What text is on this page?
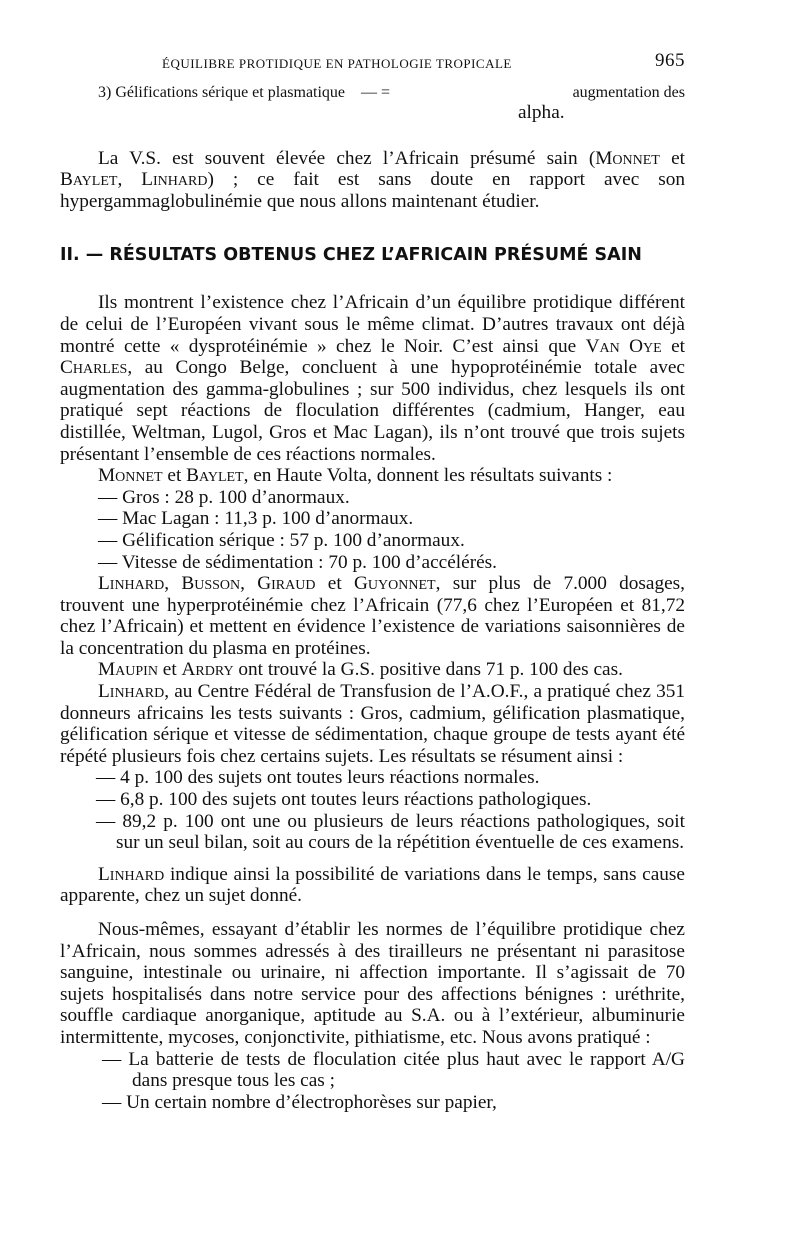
ÉQUILIBRE PROTIDIQUE EN PATHOLOGIE TROPICALE	965
3) Gélifications sérique et plasmatique
— =	augmentation des
alpha.

La V.S. est souvent élevée chez l’Africain présumé sain (Monnet et Baylet, Linhard) ; ce fait est sans doute en rapport avec son hypergammaglobulinémie que nous allons maintenant étudier.

II. — RÉSULTATS OBTENUS CHEZ L’AFRICAIN PRÉSUMÉ SAIN

Ils montrent l’existence chez l’Africain d’un équilibre protidique différent de celui de l’Européen vivant sous le même climat. D’autres travaux ont déjà montré cette « dysprotéinémie » chez le Noir. C’est ainsi que Van Oye et Charles, au Congo Belge, concluent à une hypoprotéinémie totale avec augmentation des gamma-globulines ; sur 500 individus, chez lesquels ils ont pratiqué sept réactions de floculation différentes (cadmium, Hanger, eau distillée, Weltman, Lugol, Gros et Mac Lagan), ils n’ont trouvé que trois sujets présentant l’ensemble de ces réactions normales.

Monnet et Baylet, en Haute Volta, donnent les résultats suivants :

— Gros : 28 p. 100 d’anormaux.
— Mac Lagan : 11,3 p. 100 d’anormaux.
— Gélification sérique : 57 p. 100 d’anormaux.
— Vitesse de sédimentation : 70 p. 100 d’accélérés.

Linhard, Busson, Giraud et Guyonnet, sur plus de 7.000 dosages, trouvent une hyperprotéinémie chez l’Africain (77,6 chez l’Européen et 81,72 chez l’Africain) et mettent en évidence l’existence de variations saisonnières de la concentration du plasma en protéines.

Maupin et Ardry ont trouvé la G.S. positive dans 71 p. 100 des cas.

Linhard, au Centre Fédéral de Transfusion de l’A.O.F., a pratiqué chez 351 donneurs africains les tests suivants : Gros, cadmium, gélification plasmatique, gélification sérique et vitesse de sédimentation, chaque groupe de tests ayant été répété plusieurs fois chez certains sujets. Les résultats se résument ainsi :

— 4 p. 100 des sujets ont toutes leurs réactions normales.
— 6,8 p. 100 des sujets ont toutes leurs réactions pathologiques.
— 89,2 p. 100 ont une ou plusieurs de leurs réactions pathologiques, soit sur un seul bilan, soit au cours de la répétition éventuelle de ces examens.

Linhard indique ainsi la possibilité de variations dans le temps, sans cause apparente, chez un sujet donné.

Nous-mêmes, essayant d’établir les normes de l’équilibre protidique chez l’Africain, nous sommes adressés à des tirailleurs ne présentant ni parasitose sanguine, intestinale ou urinaire, ni affection importante. Il s’agissait de 70 sujets hospitalisés dans notre service pour des affections bénignes : uréthrite, souffle cardiaque anorganique, aptitude au S.A. ou à l’extérieur, albuminurie intermittente, mycoses, conjonctivite, pithiatisme, etc. Nous avons pratiqué :

— La batterie de tests de floculation citée plus haut avec le rapport A/G dans presque tous les cas ;
— Un certain nombre d’électrophorèses sur papier,
